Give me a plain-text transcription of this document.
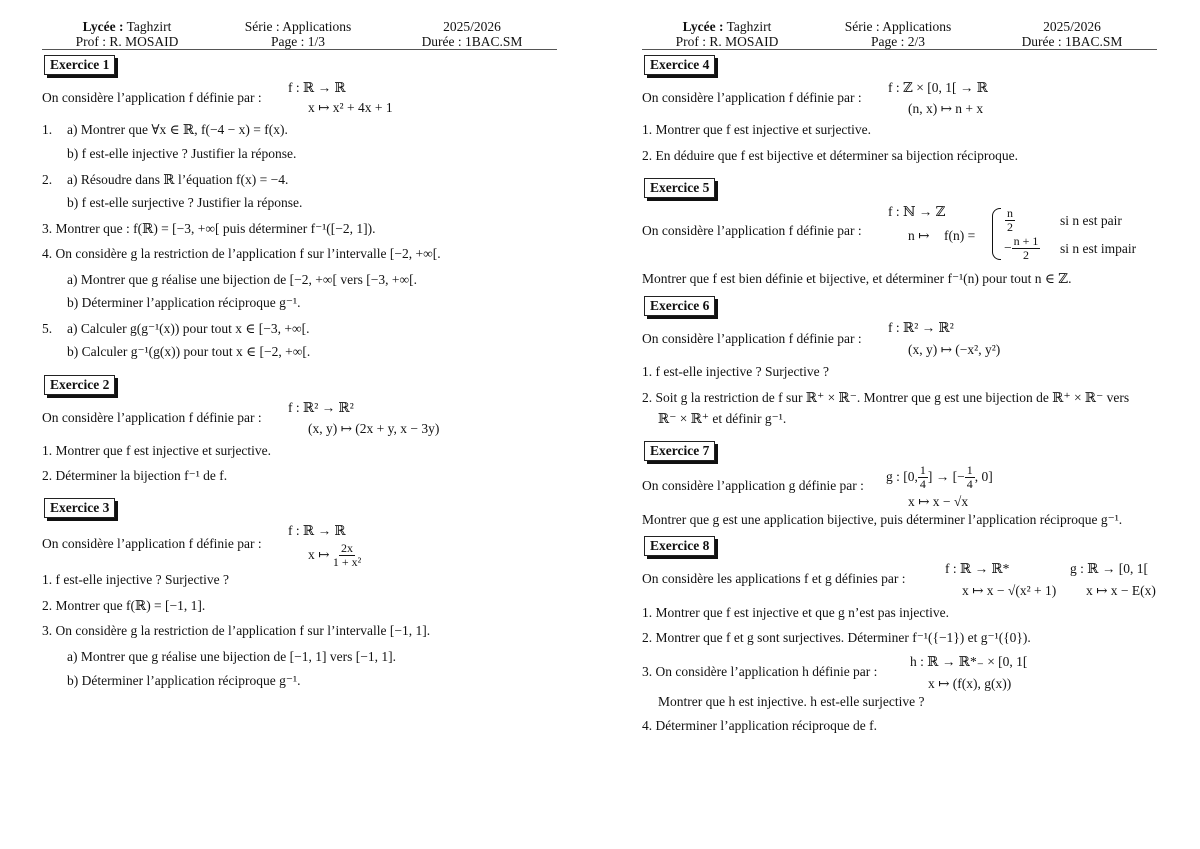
Lycée : Taghzirt
Prof : R. MOSAID
Série : Applications
Page : 1/3
2025/2026
Durée : 1BAC.SM
Lycée : Taghzirt
Prof : R. MOSAID
Série : Applications
Page : 2/3
2025/2026
Durée : 1BAC.SM
Exercice 1
On considère l’application f définie par :
f : ℝ → ℝ
x ↦ x² + 4x + 1
1. a) Montrer que ∀x ∈ ℝ, f(−4 − x) = f(x).
b) f est-elle injective ? Justifier la réponse.
2. a) Résoudre dans ℝ l’équation f(x) = −4.
b) f est-elle surjective ? Justifier la réponse.
3. Montrer que : f(ℝ) = [−3, +∞[ puis déterminer f⁻¹([−2, 1]).
4. On considère g la restriction de l’application f sur l’intervalle [−2, +∞[.
a) Montrer que g réalise une bijection de [−2, +∞[ vers [−3, +∞[.
b) Déterminer l’application réciproque g⁻¹.
5. a) Calculer g(g⁻¹(x)) pour tout x ∈ [−3, +∞[.
b) Calculer g⁻¹(g(x)) pour tout x ∈ [−2, +∞[.
Exercice 2
On considère l’application f définie par :
f : ℝ² → ℝ²
(x, y) ↦ (2x + y, x − 3y)
1. Montrer que f est injective et surjective.
2. Déterminer la bijection f⁻¹ de f.
Exercice 3
On considère l’application f définie par :
f : ℝ → ℝ
x ↦ $\frac{2x}{\text{1 + x²}}$
1. f est-elle injective ? Surjective ?
2. Montrer que f(ℝ) = [−1, 1].
3. On considère g la restriction de l’application f sur l’intervalle [−1, 1].
a) Montrer que g réalise une bijection de [−1, 1] vers [−1, 1].
b) Déterminer l’application réciproque g⁻¹.
Exercice 4
On considère l’application f définie par :
f : ℤ × [0, 1[ → ℝ
(n, x) ↦ n + x
1. Montrer que f est injective et surjective.
2. En déduire que f est bijective et déterminer sa bijection réciproque.
Exercice 5
On considère l’application f définie par :
f : ℕ → ℤ
n ↦ f(n) =
$\frac{n}{2}$	si n est pair
− $\frac{n + 1}{2}$ si n est impair
Montrer que f est bien définie et bijective, et déterminer f⁻¹(n) pour tout n ∈ ℤ.
Exercice 6
On considère l’application f définie par :
f : ℝ² → ℝ²
(x, y) ↦ (−x², y²)
1. f est-elle injective ? Surjective ?
2. Soit g la restriction de f sur ℝ⁺ × ℝ⁻. Montrer que g est une bijection de ℝ⁺ × ℝ⁻ vers
ℝ⁻ × ℝ⁺ et définir g⁻¹.
Exercice 7
On considère l’application g définie par :
g : [0, $\frac{1}{4}$ ] → [− $\frac{1}{4}$ , 0]
x ↦ x − √x
Montrer que g est une application bijective, puis déterminer l’application réciproque g⁻¹.
Exercice 8
On considère les applications f et g définies par :
f : ℝ → ℝ*
x ↦ x − √(x² + 1)
g : ℝ → [0, 1[
x ↦ x − E(x)
1. Montrer que f est injective et que g n’est pas injective.
2. Montrer que f et g sont surjectives. Déterminer f⁻¹({−1}) et g⁻¹({0}).
3. On considère l’application h définie par :
h : ℝ → ℝ*₋ × [0, 1[
x ↦ (f(x), g(x))
Montrer que h est injective. h est-elle surjective ?
4. Déterminer l’application réciproque de f.
